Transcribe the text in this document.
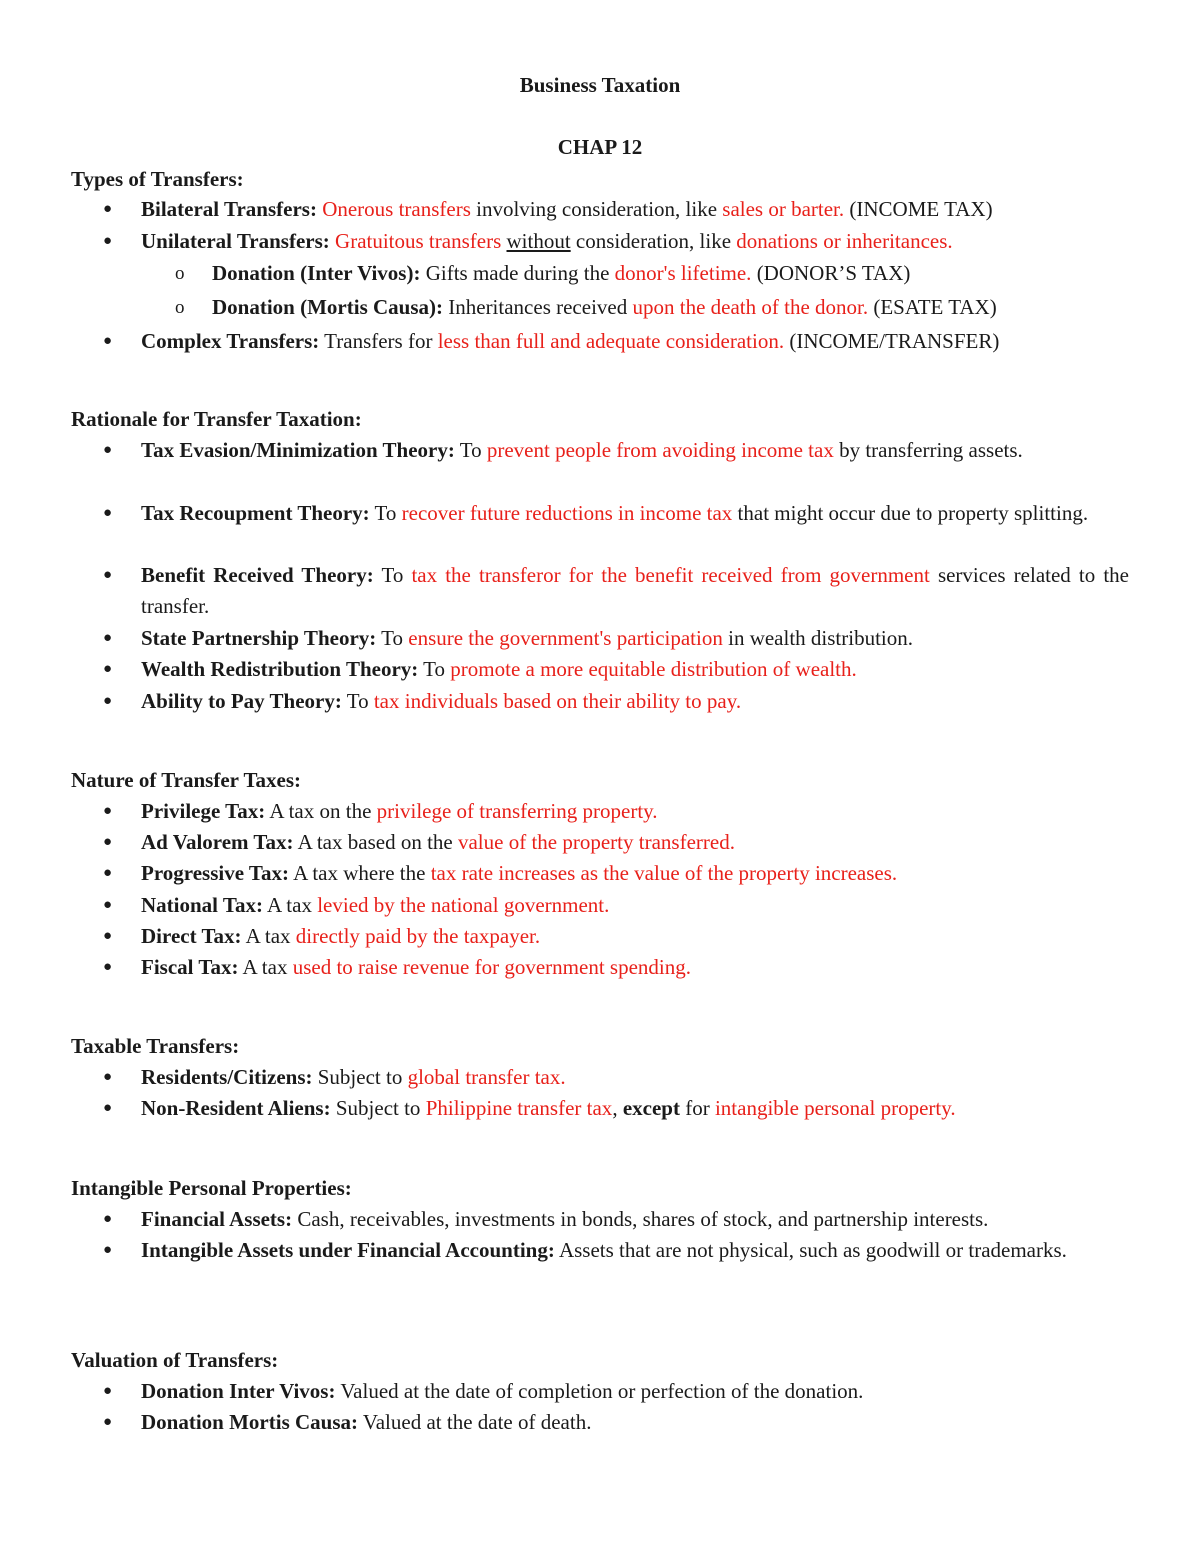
Business Taxation
CHAP 12
Types of Transfers:
● Bilateral Transfers: Onerous transfers involving consideration, like sales or barter. (INCOME TAX)
● Unilateral Transfers: Gratuitous transfers without consideration, like donations or inheritances.
o Donation (Inter Vivos): Gifts made during the donor's lifetime. (DONOR’S TAX)
o Donation (Mortis Causa): Inheritances received upon the death of the donor. (ESATE TAX)
● Complex Transfers: Transfers for less than full and adequate consideration. (INCOME/TRANSFER)
Rationale for Transfer Taxation:
● Tax Evasion/Minimization Theory: To prevent people from avoiding income tax by transferring assets.
● Tax Recoupment Theory: To recover future reductions in income tax that might occur due to property splitting.
● Benefit Received Theory: To tax the transferor for the benefit received from government services related to the transfer.
● State Partnership Theory: To ensure the government's participation in wealth distribution.
● Wealth Redistribution Theory: To promote a more equitable distribution of wealth.
● Ability to Pay Theory: To tax individuals based on their ability to pay.
Nature of Transfer Taxes:
● Privilege Tax: A tax on the privilege of transferring property.
● Ad Valorem Tax: A tax based on the value of the property transferred.
● Progressive Tax: A tax where the tax rate increases as the value of the property increases.
● National Tax: A tax levied by the national government.
● Direct Tax: A tax directly paid by the taxpayer.
● Fiscal Tax: A tax used to raise revenue for government spending.
Taxable Transfers:
● Residents/Citizens: Subject to global transfer tax.
● Non-Resident Aliens: Subject to Philippine transfer tax, except for intangible personal property.
Intangible Personal Properties:
● Financial Assets: Cash, receivables, investments in bonds, shares of stock, and partnership interests.
● Intangible Assets under Financial Accounting: Assets that are not physical, such as goodwill or trademarks.
Valuation of Transfers:
● Donation Inter Vivos: Valued at the date of completion or perfection of the donation.
● Donation Mortis Causa: Valued at the date of death.
